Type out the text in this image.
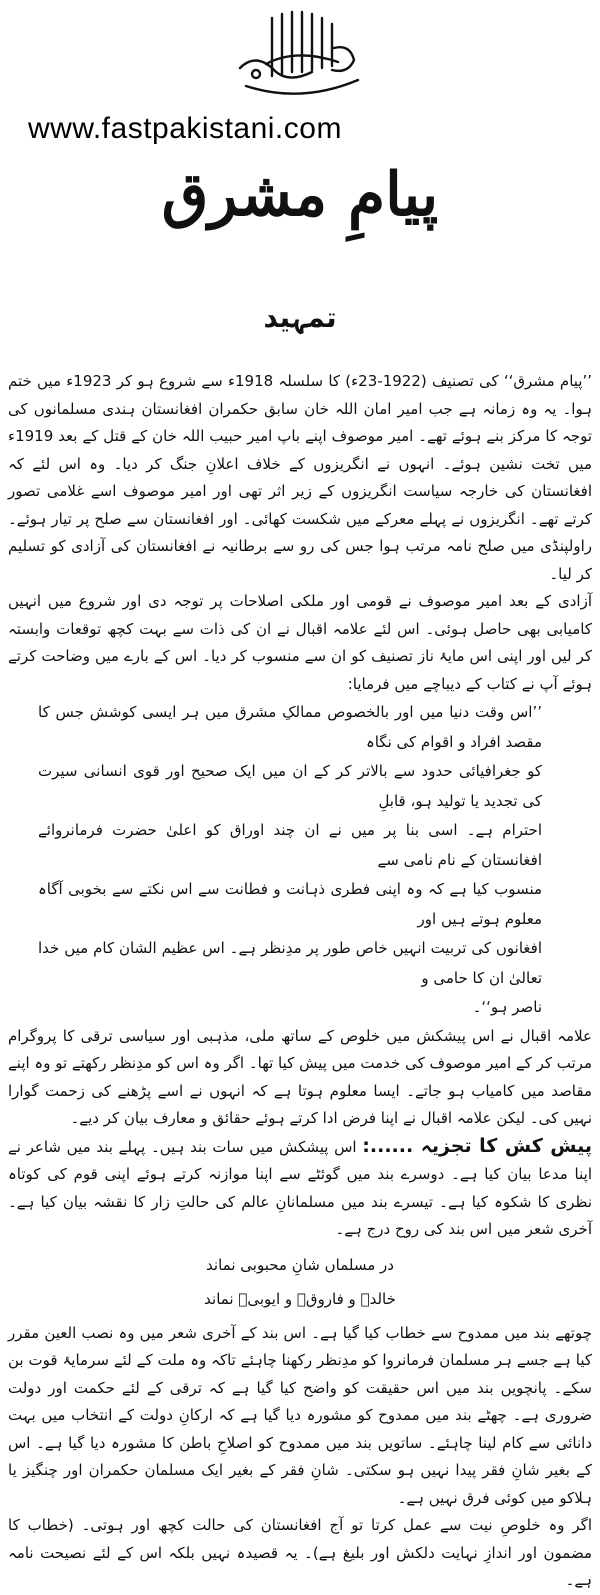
www.fastpakistani.com
پیامِ مشرق
تمہید

’’پیام مشرق‘‘ کی تصنیف (1922-23ء) کا سلسلہ 1918ء سے شروع ہو کر 1923ء میں ختم ہوا۔ یہ وہ زمانہ ہے جب امیر امان اللہ خان سابق حکمران افغانستان ہندی مسلمانوں کی توجہ کا مرکز بنے ہوئے تھے۔ امیر موصوف اپنے باپ امیر حبیب اللہ خان کے قتل کے بعد 1919ء میں تخت نشین ہوئے۔ انہوں نے انگریزوں کے خلاف اعلانِ جنگ کر دیا۔ وہ اس لئے کہ افغانستان کی خارجہ سیاست انگریزوں کے زیر اثر تھی اور امیر موصوف اسے غلامی تصور کرتے تھے۔ انگریزوں نے پہلے معرکے میں شکست کھائی۔ اور افغانستان سے صلح پر تیار ہوئے۔ راولپنڈی میں صلح نامہ مرتب ہوا جس کی رو سے برطانیہ نے افغانستان کی آزادی کو تسلیم کر لیا۔

آزادی کے بعد امیر موصوف نے قومی اور ملکی اصلاحات پر توجہ دی اور شروع میں انہیں کامیابی بھی حاصل ہوئی۔ اس لئے علامہ اقبال نے ان کی ذات سے بہت کچھ توقعات وابستہ کر لیں اور اپنی اس مایۂ ناز تصنیف کو ان سے منسوب کر دیا۔ اس کے بارے میں وضاحت کرتے ہوئے آپ نے کتاب کے دیباچے میں فرمایا:

’’اس وقت دنیا میں اور بالخصوص ممالکِ مشرق میں ہر ایسی کوشش جس کا مقصد افراد و اقوام کی نگاہ

کو جغرافیائی حدود سے بالاتر کر کے ان میں ایک صحیح اور قوی انسانی سیرت کی تجدید یا تولید ہو، قابلِ

احترام ہے۔ اسی بنا پر میں نے ان چند اوراق کو اعلیٰ حضرت فرمانروائے افغانستان کے نام نامی سے

منسوب کیا ہے کہ وہ اپنی فطری ذہانت و فطانت سے اس نکتے سے بخوبی آگاہ معلوم ہوتے ہیں اور

افغانوں کی تربیت انہیں خاص طور پر مدِنظر ہے۔ اس عظیم الشان کام میں خدا تعالیٰ ان کا حامی و

ناصر ہو‘‘۔

علامہ اقبال نے اس پیشکش میں خلوص کے ساتھ ملی، مذہبی اور سیاسی ترقی کا پروگرام مرتب کر کے امیر موصوف کی خدمت میں پیش کیا تھا۔ اگر وہ اس کو مدِنظر رکھتے تو وہ اپنے مقاصد میں کامیاب ہو جاتے۔ ایسا معلوم ہوتا ہے کہ انہوں نے اسے پڑھنے کی زحمت گوارا نہیں کی۔ لیکن علامہ اقبال نے اپنا فرض ادا کرتے ہوئے حقائق و معارف بیان کر دیے۔

پیش کش کا تجزیہ ......: اس پیشکش میں سات بند ہیں۔ پہلے بند میں شاعر نے اپنا مدعا بیان کیا ہے۔ دوسرے بند میں گوئٹے سے اپنا موازنہ کرتے ہوئے اپنی قوم کی کوتاہ نظری کا شکوہ کیا ہے۔ تیسرے بند میں مسلمانانِ عالم کی حالتِ زار کا نقشہ بیان کیا ہے۔ آخری شعر میں اس بند کی روح درج ہے۔

در مسلماں شانِ محبوبی نماند
خالدؓ و فاروقؓ و ایوبیؒ نماند

چوتھے بند میں ممدوح سے خطاب کیا گیا ہے۔ اس بند کے آخری شعر میں وہ نصب العین مقرر کیا ہے جسے ہر مسلمان فرمانروا کو مدِنظر رکھنا چاہئے تاکہ وہ ملت کے لئے سرمایۂ قوت بن سکے۔ پانچویں بند میں اس حقیقت کو واضح کیا گیا ہے کہ ترقی کے لئے حکمت اور دولت ضروری ہے۔ چھٹے بند میں ممدوح کو مشورہ دیا گیا ہے کہ ارکانِ دولت کے انتخاب میں بہت دانائی سے کام لینا چاہئے۔ ساتویں بند میں ممدوح کو اصلاحِ باطن کا مشورہ دیا گیا ہے۔ اس کے بغیر شانِ فقر پیدا نہیں ہو سکتی۔ شانِ فقر کے بغیر ایک مسلمان حکمران اور چنگیز یا ہلاکو میں کوئی فرق نہیں ہے۔

اگر وہ خلوصِ نیت سے عمل کرتا تو آج افغانستان کی حالت کچھ اور ہوتی۔ (خطاب کا مضمون اور اندازِ نہایت دلکش اور بلیغ ہے)۔ یہ قصیدہ نہیں بلکہ اس کے لئے نصیحت نامہ ہے۔
